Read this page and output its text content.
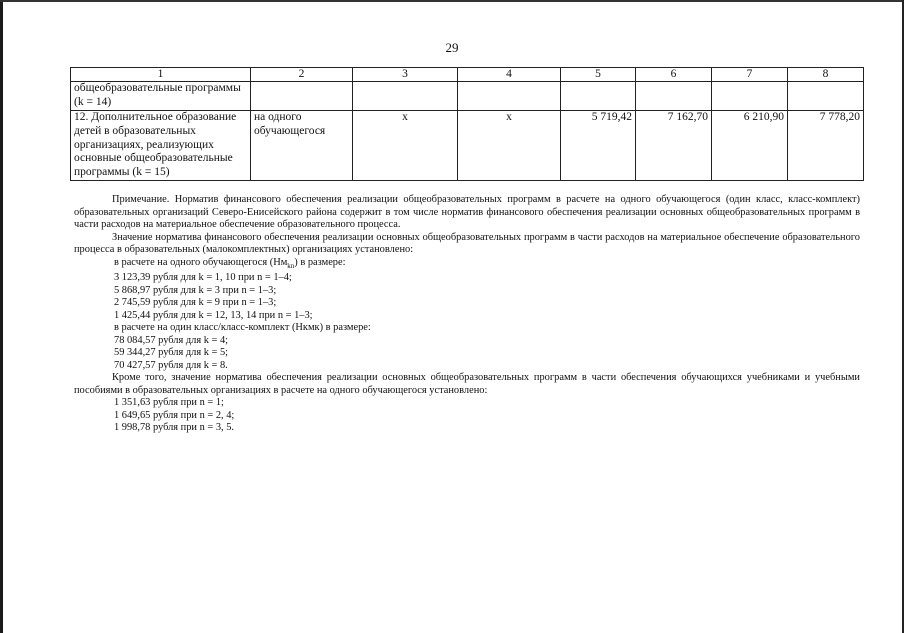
29
1	2	3	4	5	6	7	8
общеобразовательные программы (k = 14)							
12. Дополнительное образование детей в образовательных организациях, реализующих основные общеобразовательные программы (k = 15)	на одного обучающегося	х	х	5 719,42	7 162,70	6 210,90	7 778,20

Примечание. Норматив финансового обеспечения реализации общеобразовательных программ в расчете на одного обучающегося (один класс, класс-комплект) образовательных организаций Северо-Енисейского района содержит в том числе норматив финансового обеспечения реализации основных общеобразовательных программ в части расходов на материальное обеспечение образовательного процесса.

Значение норматива финансового обеспечения реализации основных общеобразовательных программ в части расходов на материальное обеспечение образовательного процесса в образовательных (малокомплектных) организациях установлено:

в расчете на одного обучающегося $(Нм_{kn})$ в размере:

3 123,39 рубля для k = 1, 10 при n = 1–4;

5 868,97 рубля для k = 3 при n = 1–3;

2 745,59 рубля для k = 9 при n = 1–3;

1 425,44 рубля для k = 12, 13, 14 при n = 1–3;

в расчете на один класс/класс-комплект (Нкмк) в размере:

78 084,57 рубля для k = 4;

59 344,27 рубля для k = 5;

70 427,57 рубля для k = 8.

Кроме того, значение норматива обеспечения реализации основных общеобразовательных программ в части обеспечения обучающихся учебниками и учебными пособиями в образовательных организациях в расчете на одного обучающегося установлено:

1 351,63 рубля при n = 1;

1 649,65 рубля при n = 2, 4;

1 998,78 рубля при n = 3, 5.
